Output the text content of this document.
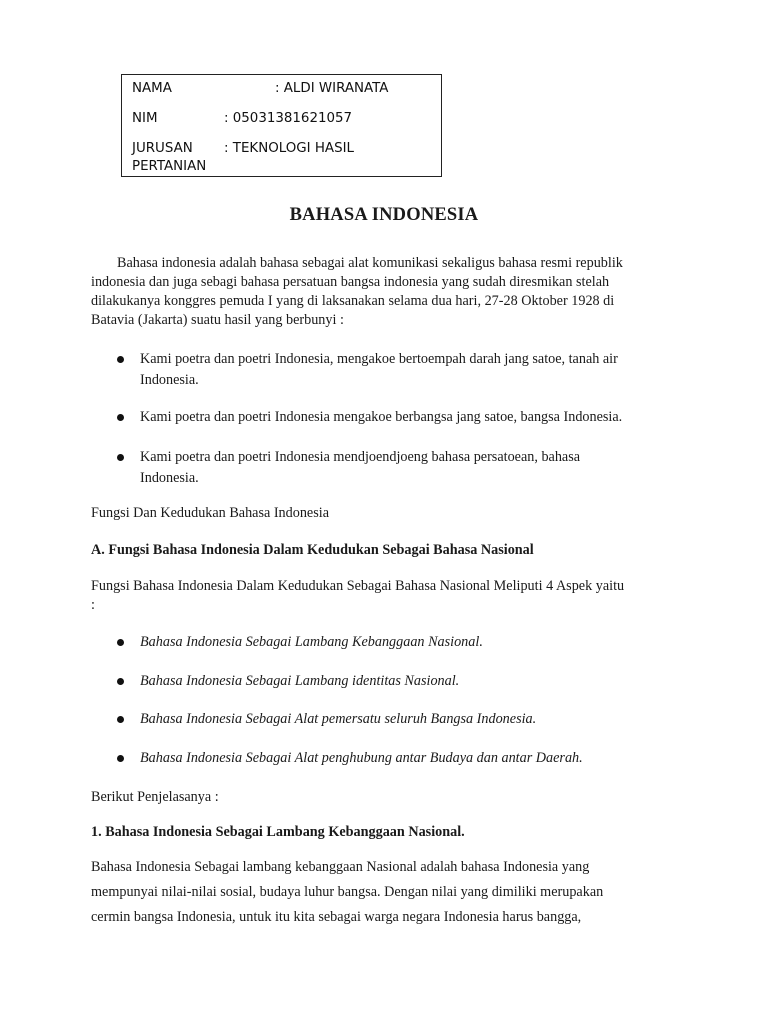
NAMA	: ALDI WIRANATA
NIM	: 05031381621057
JURUSAN : TEKNOLOGI HASIL
PERTANIAN
BAHASA INDONESIA
Bahasa indonesia adalah bahasa sebagai alat komunikasi sekaligus bahasa resmi republik
indonesia dan juga sebagi bahasa persatuan bangsa indonesia yang sudah diresmikan stelah
dilakukanya konggres pemuda I yang di laksanakan selama dua hari, 27-28 Oktober 1928 di
Batavia (Jakarta) suatu hasil yang berbunyi :
Kami poetra dan poetri Indonesia, mengakoe bertoempah darah jang satoe, tanah air
Indonesia.
Kami poetra dan poetri Indonesia mengakoe berbangsa jang satoe, bangsa Indonesia.
Kami poetra dan poetri Indonesia mendjoendjoeng bahasa persatoean, bahasa
Indonesia.
Fungsi Dan Kedudukan Bahasa Indonesia
A. Fungsi Bahasa Indonesia Dalam Kedudukan Sebagai Bahasa Nasional
Fungsi Bahasa Indonesia Dalam Kedudukan Sebagai Bahasa Nasional Meliputi 4 Aspek yaitu
:
Bahasa Indonesia Sebagai Lambang Kebanggaan Nasional.
Bahasa Indonesia Sebagai Lambang identitas Nasional.
Bahasa Indonesia Sebagai Alat pemersatu seluruh Bangsa Indonesia.
Bahasa Indonesia Sebagai Alat penghubung antar Budaya dan antar Daerah.
Berikut Penjelasanya :
1. Bahasa Indonesia Sebagai Lambang Kebanggaan Nasional.
Bahasa Indonesia Sebagai lambang kebanggaan Nasional adalah bahasa Indonesia yang
mempunyai nilai-nilai sosial, budaya luhur bangsa. Dengan nilai yang dimiliki merupakan
cermin bangsa Indonesia, untuk itu kita sebagai warga negara Indonesia harus bangga,
